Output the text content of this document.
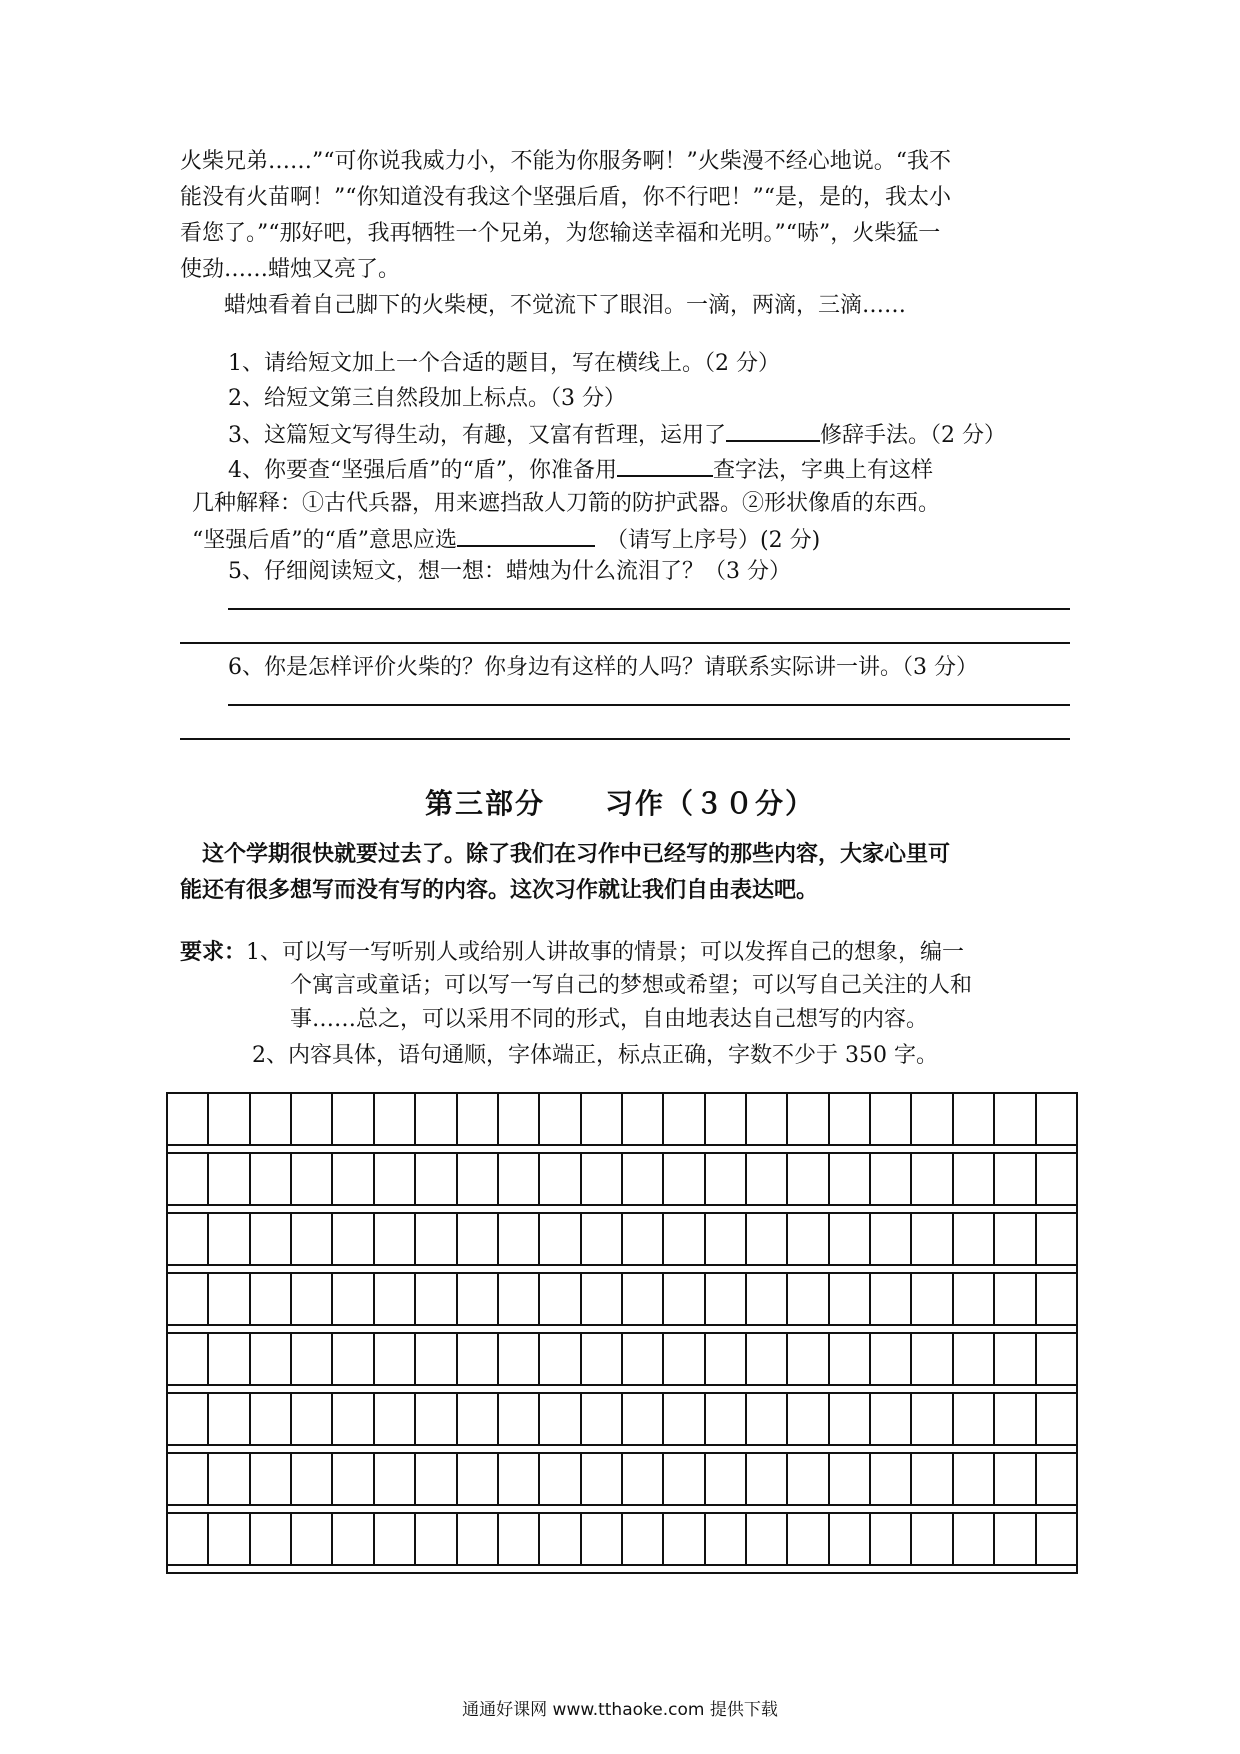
火柴兄弟……”“可你说我威力小，不能为你服务啊！”火柴漫不经心地说。“我不
能没有火苗啊！”“你知道没有我这个坚强后盾，你不行吧！”“是，是的，我太小
看您了。”“那好吧，我再牺牲一个兄弟，为您输送幸福和光明。”“哧”，火柴猛一
使劲……蜡烛又亮了。
　　蜡烛看着自己脚下的火柴梗，不觉流下了眼泪。一滴，两滴，三滴……
1、请给短文加上一个合适的题目，写在横线上。（2 分）
2、给短文第三自然段加上标点。（3 分）
3、这篇短文写得生动，有趣，又富有哲理，运用了	修辞手法。（2 分）
4、你要查“坚强后盾”的“盾”，你准备用	查字法，字典上有这样
几种解释：①古代兵器，用来遮挡敌人刀箭的防护武器。②形状像盾的东西。
“坚强后盾”的“盾”意思应选　	（请写上序号）(2 分)
5、仔细阅读短文，想一想：蜡烛为什么流泪了？（3 分）
6、你是怎样评价火柴的？你身边有这样的人吗？请联系实际讲一讲。（3 分）
第三部分　　习作（３０分）
　这个学期很快就要过去了。除了我们在习作中已经写的那些内容，大家心里可
能还有很多想写而没有写的内容。这次习作就让我们自由表达吧。
要求：1、可以写一写听别人或给别人讲故事的情景；可以发挥自己的想象，编一
个寓言或童话；可以写一写自己的梦想或希望；可以写自己关注的人和
事……总之，可以采用不同的形式，自由地表达自己想写的内容。
2、内容具体，语句通顺，字体端正，标点正确，字数不少于 350 字。
通通好课网 www.tthaoke.com 提供下载
